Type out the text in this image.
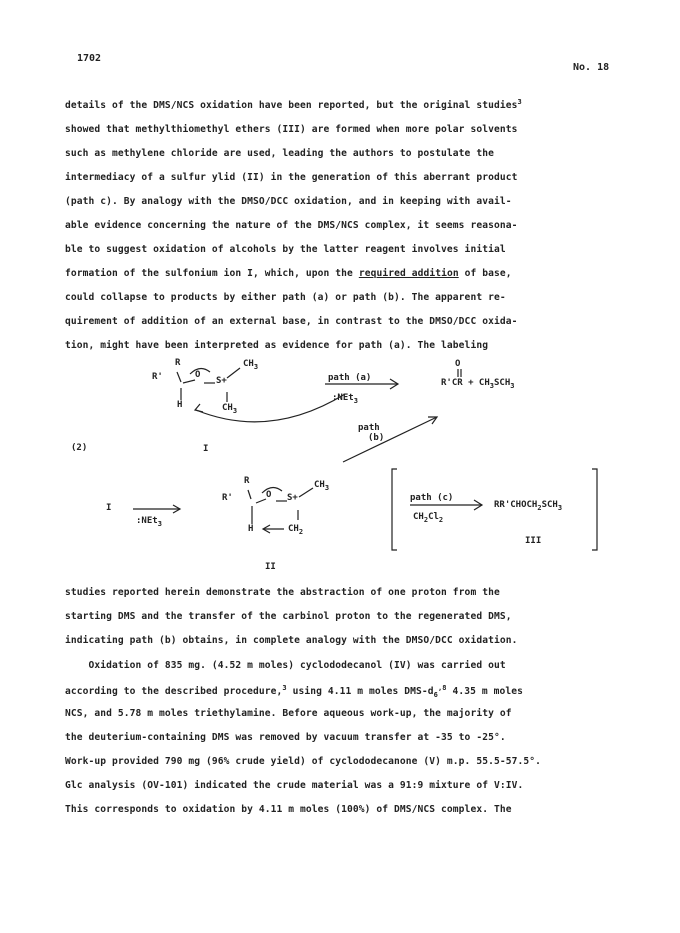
1702
No. 18
details of the DMS/NCS oxidation have been reported, but the original studies$^3$
showed that methylthiomethyl ethers (III) are formed when more polar solvents
such as methylene chloride are used, leading the authors to postulate the
intermediacy of a sulfur ylid (II) in the generation of this aberrant product
(path c). By analogy with the DMSO/DCC oxidation, and in keeping with avail-
able evidence concerning the nature of the DMS/NCS complex, it seems reasona-
ble to suggest oxidation of alcohols by the latter reagent involves initial
formation of the sulfonium ion I, which, upon the required addition of base,
could collapse to products by either path (a) or path (b). The apparent re-
quirement of addition of an external base, in contrast to the DMSO/DCC oxida-
tion, might have been interpreted as evidence for path (a). The labeling
R
R'	O
S+
$CH_3$
H	$CH_3$
I
(2)
path (a)
:NEt$_3$
O
$R'CR + CH_3SCH_3$
path
(b)
I
:NEt$_3$
R
R'	O S+
$CH_3$
H	$CH_2$
II
path (c)
$CH_2Cl_2$
$RR'CHOCH_2SCH_3$
III
studies reported herein demonstrate the abstraction of one proton from the
starting DMS and the transfer of the carbinol proton to the regenerated DMS,
indicating path (b) obtains, in complete analogy with the DMSO/DCC oxidation.
Oxidation of 835 mg. (4.52 m moles) cyclododecanol (IV) was carried out
according to the described procedure,$^3$ using 4.11 m moles DMS-$d_6^{,8}$ 4.35 m moles
NCS, and 5.78 m moles triethylamine. Before aqueous work-up, the majority of
the deuterium-containing DMS was removed by vacuum transfer at -35 to -25°.
Work-up provided 790 mg (96% crude yield) of cyclododecanone (V) m.p. 55.5-57.5°.
Glc analysis (OV-101) indicated the crude material was a 91:9 mixture of V:IV.
This corresponds to oxidation by 4.11 m moles (100%) of DMS/NCS complex. The
